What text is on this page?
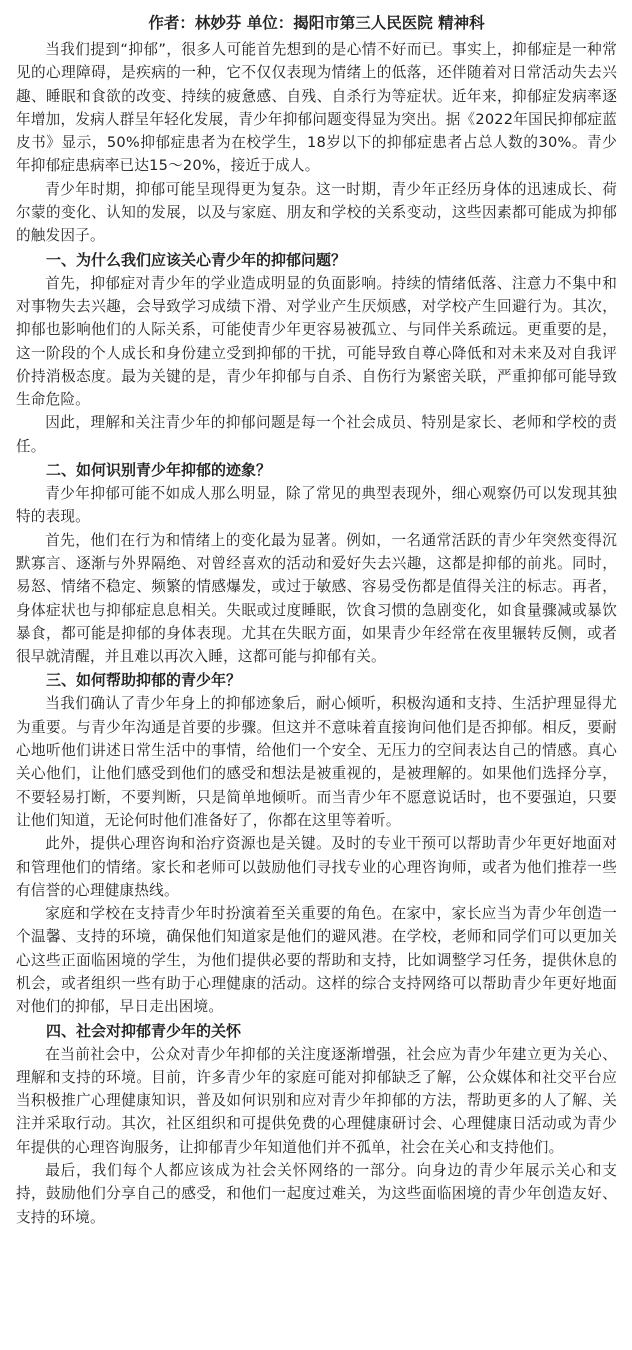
作者：林妙芬 单位：揭阳市第三人民医院 精神科

当我们提到“抑郁”，很多人可能首先想到的是心情不好而已。事实上，抑郁症是一种常见的心理障碍，是疾病的一种，它不仅仅表现为情绪上的低落，还伴随着对日常活动失去兴趣、睡眠和食欲的改变、持续的疲惫感、自残、自杀行为等症状。近年来，抑郁症发病率逐年增加，发病人群呈年轻化发展，青少年抑郁问题变得显为突出。据《2022年国民抑郁症蓝皮书》显示，50%抑郁症患者为在校学生，18岁以下的抑郁症患者占总人数的30%。青少年抑郁症患病率已达15～20%，接近于成人。

青少年时期，抑郁可能呈现得更为复杂。这一时期，青少年正经历身体的迅速成长、荷尔蒙的变化、认知的发展，以及与家庭、朋友和学校的关系变动，这些因素都可能成为抑郁的触发因子。

一、为什么我们应该关心青少年的抑郁问题？

首先，抑郁症对青少年的学业造成明显的负面影响。持续的情绪低落、注意力不集中和对事物失去兴趣，会导致学习成绩下滑、对学业产生厌烦感，对学校产生回避行为。其次，抑郁也影响他们的人际关系，可能使青少年更容易被孤立、与同伴关系疏远。更重要的是，这一阶段的个人成长和身份建立受到抑郁的干扰，可能导致自尊心降低和对未来及对自我评价持消极态度。最为关键的是，青少年抑郁与自杀、自伤行为紧密关联，严重抑郁可能导致生命危险。

因此，理解和关注青少年的抑郁问题是每一个社会成员、特别是家长、老师和学校的责任。

二、如何识别青少年抑郁的迹象？

青少年抑郁可能不如成人那么明显，除了常见的典型表现外，细心观察仍可以发现其独特的表现。

首先，他们在行为和情绪上的变化最为显著。例如，一名通常活跃的青少年突然变得沉默寡言、逐渐与外界隔绝、对曾经喜欢的活动和爱好失去兴趣，这都是抑郁的前兆。同时，易怒、情绪不稳定、频繁的情感爆发，或过于敏感、容易受伤都是值得关注的标志。再者，身体症状也与抑郁症息息相关。失眠或过度睡眠，饮食习惯的急剧变化，如食量骤减或暴饮暴食，都可能是抑郁的身体表现。尤其在失眠方面，如果青少年经常在夜里辗转反侧，或者很早就清醒，并且难以再次入睡，这都可能与抑郁有关。

三、如何帮助抑郁的青少年？

当我们确认了青少年身上的抑郁迹象后，耐心倾听，积极沟通和支持、生活护理显得尤为重要。与青少年沟通是首要的步骤。但这并不意味着直接询问他们是否抑郁。相反，要耐心地听他们讲述日常生活中的事情，给他们一个安全、无压力的空间表达自己的情感。真心关心他们，让他们感受到他们的感受和想法是被重视的，是被理解的。如果他们选择分享，不要轻易打断，不要判断，只是简单地倾听。而当青少年不愿意说话时，也不要强迫，只要让他们知道，无论何时他们准备好了，你都在这里等着听。

此外，提供心理咨询和治疗资源也是关键。及时的专业干预可以帮助青少年更好地面对和管理他们的情绪。家长和老师可以鼓励他们寻找专业的心理咨询师，或者为他们推荐一些有信誉的心理健康热线。

家庭和学校在支持青少年时扮演着至关重要的角色。在家中，家长应当为青少年创造一个温馨、支持的环境，确保他们知道家是他们的避风港。在学校，老师和同学们可以更加关心这些正面临困境的学生，为他们提供必要的帮助和支持，比如调整学习任务，提供休息的机会，或者组织一些有助于心理健康的活动。这样的综合支持网络可以帮助青少年更好地面对他们的抑郁，早日走出困境。

四、社会对抑郁青少年的关怀

在当前社会中，公众对青少年抑郁的关注度逐渐增强，社会应为青少年建立更为关心、理解和支持的环境。目前，许多青少年的家庭可能对抑郁缺乏了解，公众媒体和社交平台应当积极推广心理健康知识，普及如何识别和应对青少年抑郁的方法，帮助更多的人了解、关注并采取行动。其次，社区组织和可提供免费的心理健康研讨会、心理健康日活动或为青少年提供的心理咨询服务，让抑郁青少年知道他们并不孤单，社会在关心和支持他们。

最后，我们每个人都应该成为社会关怀网络的一部分。向身边的青少年展示关心和支持，鼓励他们分享自己的感受，和他们一起度过难关，为这些面临困境的青少年创造友好、支持的环境。
